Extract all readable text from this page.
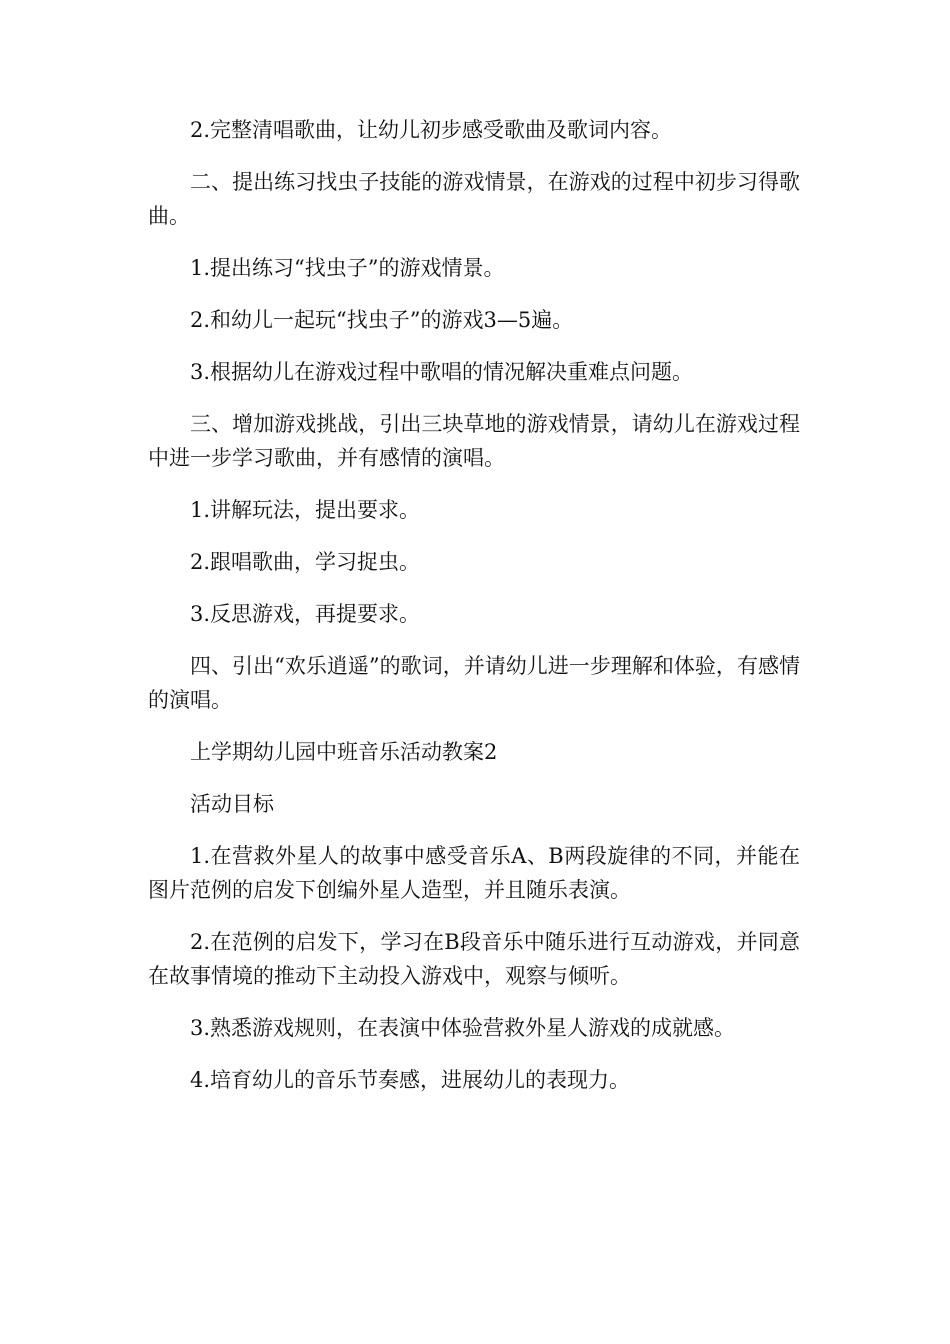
2.完整清唱歌曲，让幼儿初步感受歌曲及歌词内容。

二、提出练习找虫子技能的游戏情景，在游戏的过程中初步习得歌曲。

1.提出练习“找虫子”的游戏情景。

2.和幼儿一起玩“找虫子”的游戏3—5遍。

3.根据幼儿在游戏过程中歌唱的情况解决重难点问题。

三、增加游戏挑战，引出三块草地的游戏情景，请幼儿在游戏过程中进一步学习歌曲，并有感情的演唱。

1.讲解玩法，提出要求。

2.跟唱歌曲，学习捉虫。

3.反思游戏，再提要求。

四、引出“欢乐逍遥”的歌词，并请幼儿进一步理解和体验，有感情的演唱。

上学期幼儿园中班音乐活动教案2

活动目标

1.在营救外星人的故事中感受音乐A、B两段旋律的不同，并能在图片范例的启发下创编外星人造型，并且随乐表演。

2.在范例的启发下，学习在B段音乐中随乐进行互动游戏，并同意在故事情境的推动下主动投入游戏中，观察与倾听。

3.熟悉游戏规则，在表演中体验营救外星人游戏的成就感。

4.培育幼儿的音乐节奏感，进展幼儿的表现力。
